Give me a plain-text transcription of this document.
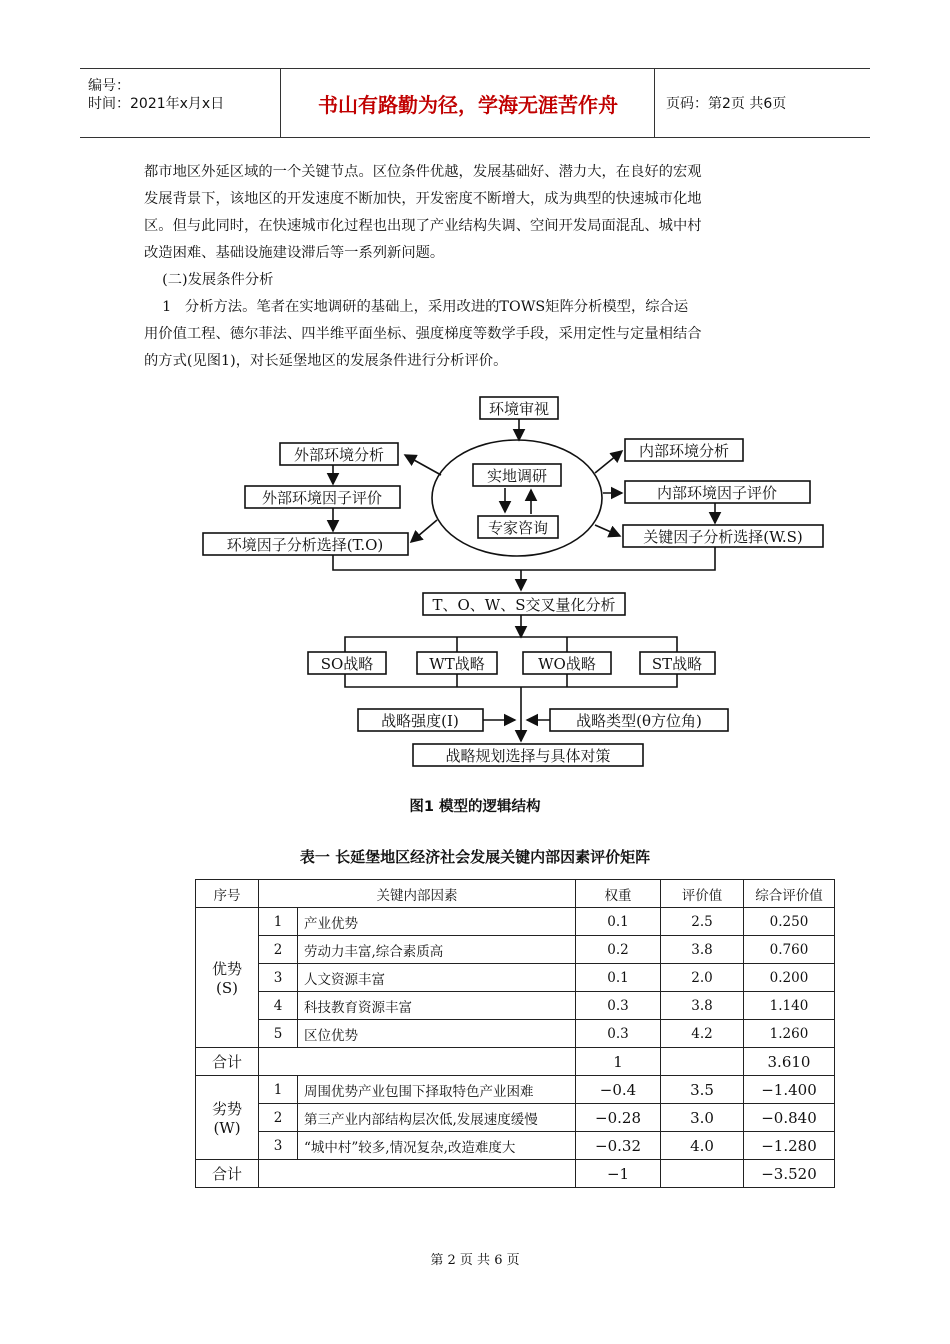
编号：
时间：2021年x月x日	书山有路勤为径，学海无涯苦作舟	页码：第2页 共6页

都市地区外延区域的一个关键节点。区位条件优越，发展基础好、潜力大，在良好的宏观

发展背景下，该地区的开发速度不断加快，开发密度不断增大，成为典型的快速城市化地

区。但与此同时，在快速城市化过程也出现了产业结构失调、空间开发局面混乱、城中村

改造困难、基础设施建设滞后等一系列新问题。

(二)发展条件分析

1   分析方法。笔者在实地调研的基础上，采用改进的TOWS矩阵分析模型，综合运

用价值工程、德尔菲法、四半维平面坐标、强度梯度等数学手段，采用定性与定量相结合

的方式(见图1)，对长延堡地区的发展条件进行分析评价。

环境审视
外部环境分析	内部环境分析
外部环境因子评价	内部环境因子评价
环境因子分析选择(T.O)	关键因子分析选择(W.S)
实地调研
专家咨询
T、O、W、S交叉量化分析
SO战略	WT战略	WO战略	ST战略
战略强度(Ⅰ)	战略类型(θ方位角)
战略规划选择与具体对策
图1 模型的逻辑结构
表一 长延堡地区经济社会发展关键内部因素评价矩阵
序号	关键内部因素		权重	评价值	综合评价值
优势
(S)	1	产业优势	0.1	2.5	0.250
	2	劳动力丰富,综合素质高	0.2	3.8	0.760
	3	人文资源丰富	0.1	2.0	0.200
	4	科技教育资源丰富	0.3	3.8	1.140
	5	区位优势	0.3	4.2	1.260
合计			1		3.610
劣势
(W)	1	周围优势产业包围下择取特色产业困难	−0.4	3.5	−1.400
	2	第三产业内部结构层次低,发展速度缓慢	−0.28	3.0	−0.840
	3	“城中村”较多,情况复杂,改造难度大	−0.32	4.0	−1.280
合计			−1		−3.520
第 2 页 共 6 页
